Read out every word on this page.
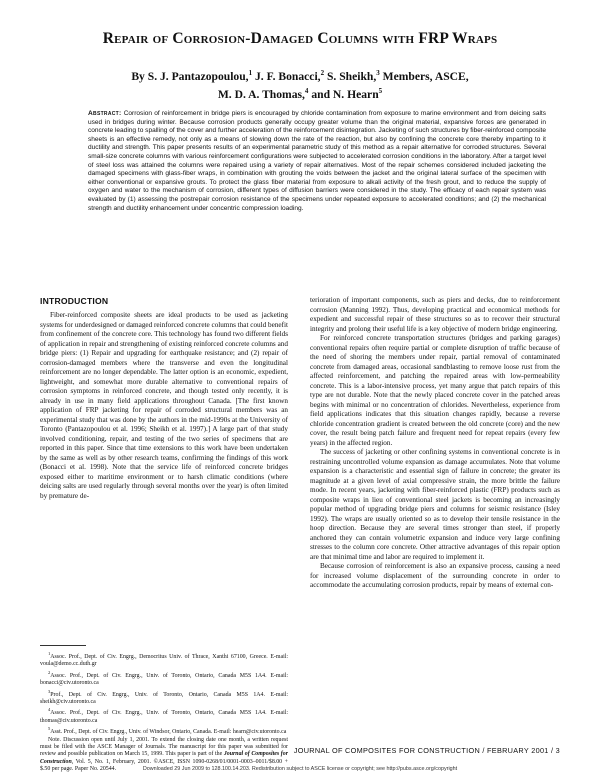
Repair of Corrosion-Damaged Columns with FRP Wraps
By S. J. Pantazopoulou,$^1$ J. F. Bonacci,$^2$ S. Sheikh,$^3$ Members, ASCE,
M. D. A. Thomas,$^4$ and N. Hearn$^5$
Abstract: Corrosion of reinforcement in bridge piers is encouraged by chloride contamination from exposure to marine environment and from deicing salts used in bridges during winter. Because corrosion products generally occupy greater volume than the original material, expansive forces are generated in concrete leading to spalling of the cover and further acceleration of the reinforcement disintegration. Jacketing of such structures by fiber-reinforced composite sheets is an effective remedy, not only as a means of slowing down the rate of the reaction, but also by confining the concrete core thereby imparting to it ductility and strength. This paper presents results of an experimental parametric study of this method as a repair alternative for corroded structures. Several small-size concrete columns with various reinforcement configurations were subjected to accelerated corrosion conditions in the laboratory. After a target level of steel loss was attained the columns were repaired using a variety of repair alternatives. Most of the repair schemes considered included jacketing the damaged specimens with glass-fiber wraps, in combination with grouting the voids between the jacket and the original lateral surface of the specimen with either conventional or expansive grouts. To protect the glass fiber material from exposure to alkali activity of the fresh grout, and to reduce the supply of oxygen and water to the mechanism of corrosion, different types of diffusion barriers were considered in the study. The efficacy of each repair system was evaluated by (1) assessing the postrepair corrosion resistance of the specimens under repeated exposure to accelerated conditions; and (2) the mechanical strength and ductility enhancement under concentric compression loading.
INTRODUCTION

Fiber-reinforced composite sheets are ideal products to be used as jacketing systems for underdesigned or damaged reinforced concrete columns that could benefit from confinement of the concrete core. This technology has found two different fields of application in repair and strengthening of existing reinforced concrete columns and bridge piers: (1) Repair and upgrading for earthquake resistance; and (2) repair of corrosion-damaged members where the transverse and even the longitudinal reinforcement are no longer dependable. The latter option is an economic, expedient, lightweight, and somewhat more durable alternative to conventional repairs of corrosion symptoms in reinforced concrete, and though tested only recently, it is already in use in many field applications throughout Canada. [The first known application of FRP jacketing for repair of corroded structural members was an experimental study that was done by the authors in the mid-1990s at the University of Toronto (Pantazopoulou et al. 1996; Sheikh et al. 1997).] A large part of that study involved conditioning, repair, and testing of the two series of specimens that are reported in this paper. Since that time extensions to this work have been undertaken by the same as well as by other research teams, confirming the findings of this work (Bonacci et al. 1998). Note that the service life of reinforced concrete bridges exposed either to maritime environment or to harsh climatic conditions (where deicing salts are used regularly through several months over the year) is often limited by premature de-

terioration of important components, such as piers and decks, due to reinforcement corrosion (Manning 1992). Thus, developing practical and economical methods for expedient and successful repair of these structures so as to recover their structural integrity and prolong their useful life is a key objective of modern bridge engineering.

For reinforced concrete transportation structures (bridges and parking garages) conventional repairs often require partial or complete disruption of traffic because of the need of shoring the members under repair, partial removal of contaminated concrete from damaged areas, occasional sandblasting to remove loose rust from the affected reinforcement, and patching the repaired areas with low-permeability concrete. This is a labor-intensive process, yet many argue that patch repairs of this type are not durable. Note that the newly placed concrete cover in the patched areas begins with minimal or no concentration of chlorides. Nevertheless, experience from field applications indicates that this situation changes rapidly, because a reverse chloride concentration gradient is created between the old concrete (core) and the new cover, the result being patch failure and frequent need for repeat repairs (every few years) in the affected region.

The success of jacketing or other confining systems in conventional concrete is in restraining uncontrolled volume expansion as damage accumulates. Note that volume expansion is a characteristic and essential sign of failure in concrete; the greater its magnitude at a given level of axial compressive strain, the more brittle the failure mode. In recent years, jacketing with fiber-reinforced plastic (FRP) products such as composite wraps in lieu of conventional steel jackets is becoming an increasingly popular method of upgrading bridge piers and columns for seismic resistance (Isley 1992). The wraps are usually oriented so as to develop their tensile resistance in the hoop direction. Because they are several times stronger than steel, if properly anchored they can contain volumetric expansion and induce very large confining stresses to the column core concrete. Other attractive advantages of this repair option are that minimal time and labor are required to implement it.

Because corrosion of reinforcement is also an expansive process, causing a need for increased volume displacement of the surrounding concrete in order to accommodate the accumulating corrosion products, repair by means of external con-

$^1$Assoc. Prof., Dept. of Civ. Engrg., Democritus Univ. of Thrace, Xanthi 67100, Greece. E-mail: voula@demo.cc.duth.gr

$^2$Assoc. Prof., Dept. of Civ. Engrg., Univ. of Toronto, Ontario, Canada M5S 1A4. E-mail: bonacci@civ.utoronto.ca

$^3$Prof., Dept. of Civ. Engrg., Univ. of Toronto, Ontario, Canada M5S 1A4. E-mail: sheikh@civ.utoronto.ca

$^4$Assoc. Prof., Dept. of Civ. Engrg., Univ. of Toronto, Ontario, Canada M5S 1A4. E-mail: thomas@civ.utoronto.ca

$^5$Asst. Prof., Dept. of Civ. Engrg., Univ. of Windsor, Ontario, Canada. E-mail: hearn@civ.utoronto.ca

Note. Discussion open until July 1, 2001. To extend the closing date one month, a written request must be filed with the ASCE Manager of Journals. The manuscript for this paper was submitted for review and possible publication on March 15, 1999. This paper is part of the Journal of Composites for Construction, Vol. 5, No. 1, February, 2001. ©ASCE, ISSN 1090-0268/01/0001-0003–0011/$8.00 + $.50 per page. Paper No. 20544.

JOURNAL OF COMPOSITES FOR CONSTRUCTION / FEBRUARY 2001 / 3
Downloaded 29 Jun 2009 to 128.100.14.203. Redistribution subject to ASCE license or copyright; see http://pubs.asce.org/copyright
